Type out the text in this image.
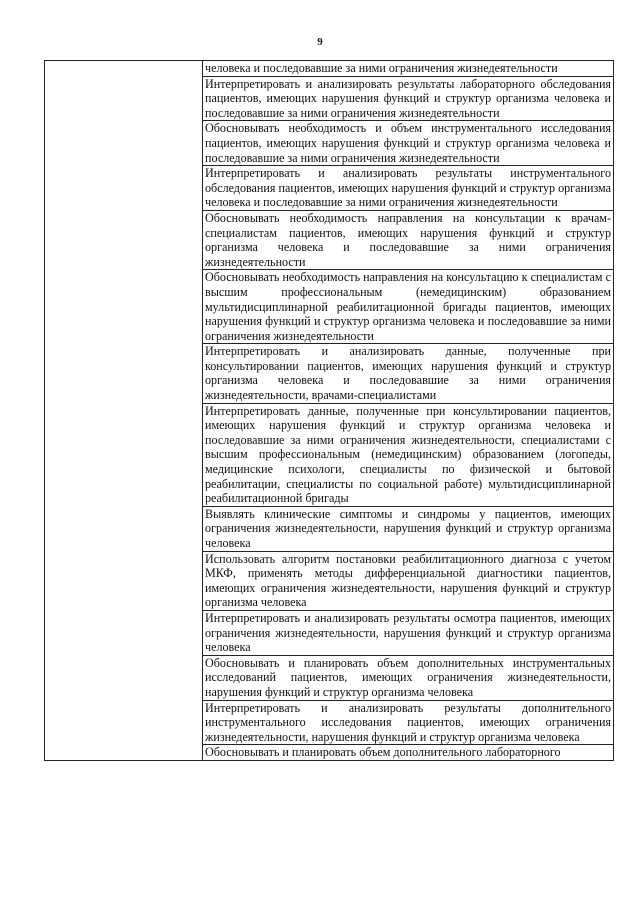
9

человека и последовавшие за ними ограничения жизнедеятельности

Интерпретировать и анализировать результаты лабораторного обследования пациентов, имеющих нарушения функций и структур организма человека и последовавшие за ними ограничения жизнедеятельности

Обосновывать необходимость и объем инструментального исследования пациентов, имеющих нарушения функций и структур организма человека и последовавшие за ними ограничения жизнедеятельности

Интерпретировать и анализировать результаты инструментального обследования пациентов, имеющих нарушения функций и структур организма человека и последовавшие за ними ограничения жизнедеятельности

Обосновывать необходимость направления на консультации к врачам-специалистам пациентов, имеющих нарушения функций и структур организма человека и последовавшие за ними ограничения жизнедеятельности

Обосновывать необходимость направления на консультацию к специалистам с высшим профессиональным (немедицинским) образованием мультидисциплинарной реабилитационной бригады пациентов, имеющих нарушения функций и структур организма человека и последовавшие за ними ограничения жизнедеятельности

Интерпретировать и анализировать данные, полученные при консультировании пациентов, имеющих нарушения функций и структур организма человека и последовавшие за ними ограничения жизнедеятельности, врачами-специалистами

Интерпретировать данные, полученные при консультировании пациентов, имеющих нарушения функций и структур организма человека и последовавшие за ними ограничения жизнедеятельности, специалистами с высшим профессиональным (немедицинским) образованием (логопеды, медицинские психологи, специалисты по физической и бытовой реабилитации, специалисты по социальной работе) мультидисциплинарной реабилитационной бригады

Выявлять клинические симптомы и синдромы у пациентов, имеющих ограничения жизнедеятельности, нарушения функций и структур организма человека

Использовать алгоритм постановки реабилитационного диагноза с учетом МКФ, применять методы дифференциальной диагностики пациентов, имеющих ограничения жизнедеятельности, нарушения функций и структур организма человека

Интерпретировать и анализировать результаты осмотра пациентов, имеющих ограничения жизнедеятельности, нарушения функций и структур организма человека

Обосновывать и планировать объем дополнительных инструментальных исследований пациентов, имеющих ограничения жизнедеятельности, нарушения функций и структур организма человека

Интерпретировать и анализировать результаты дополнительного инструментального исследования пациентов, имеющих ограничения жизнедеятельности, нарушения функций и структур организма человека

Обосновывать и планировать объем дополнительного лабораторного
